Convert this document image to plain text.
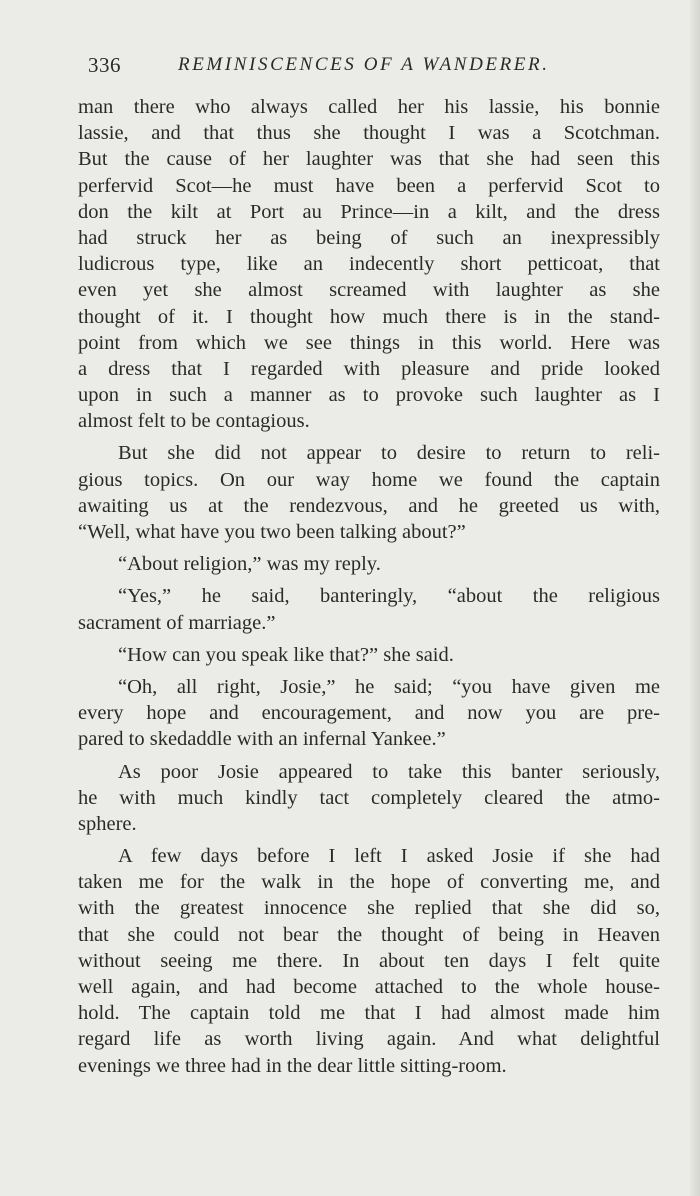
336	REMINISCENCES OF A WANDERER.
man there who always called her his lassie, his bonnie
lassie, and that thus she thought I was a Scotchman.
But the cause of her laughter was that she had seen this
perfervid Scot—he must have been a perfervid Scot to
don the kilt at Port au Prince—in a kilt, and the dress
had struck her as being of such an inexpressibly
ludicrous type, like an indecently short petticoat, that
even yet she almost screamed with laughter as she
thought of it. I thought how much there is in the stand-
point from which we see things in this world. Here was
a dress that I regarded with pleasure and pride looked
upon in such a manner as to provoke such laughter as I
almost felt to be contagious.
But she did not appear to desire to return to reli-
gious topics. On our way home we found the captain
awaiting us at the rendezvous, and he greeted us with,
“Well, what have you two been talking about?”
“About religion,” was my reply.
“Yes,” he said, banteringly, “about the religious
sacrament of marriage.”
“How can you speak like that?” she said.
“Oh, all right, Josie,” he said; “you have given me
every hope and encouragement, and now you are pre-
pared to skedaddle with an infernal Yankee.”
As poor Josie appeared to take this banter seriously,
he with much kindly tact completely cleared the atmo-
sphere.
A few days before I left I asked Josie if she had
taken me for the walk in the hope of converting me, and
with the greatest innocence she replied that she did so,
that she could not bear the thought of being in Heaven
without seeing me there. In about ten days I felt quite
well again, and had become attached to the whole house-
hold. The captain told me that I had almost made him
regard life as worth living again. And what delightful
evenings we three had in the dear little sitting-room.
